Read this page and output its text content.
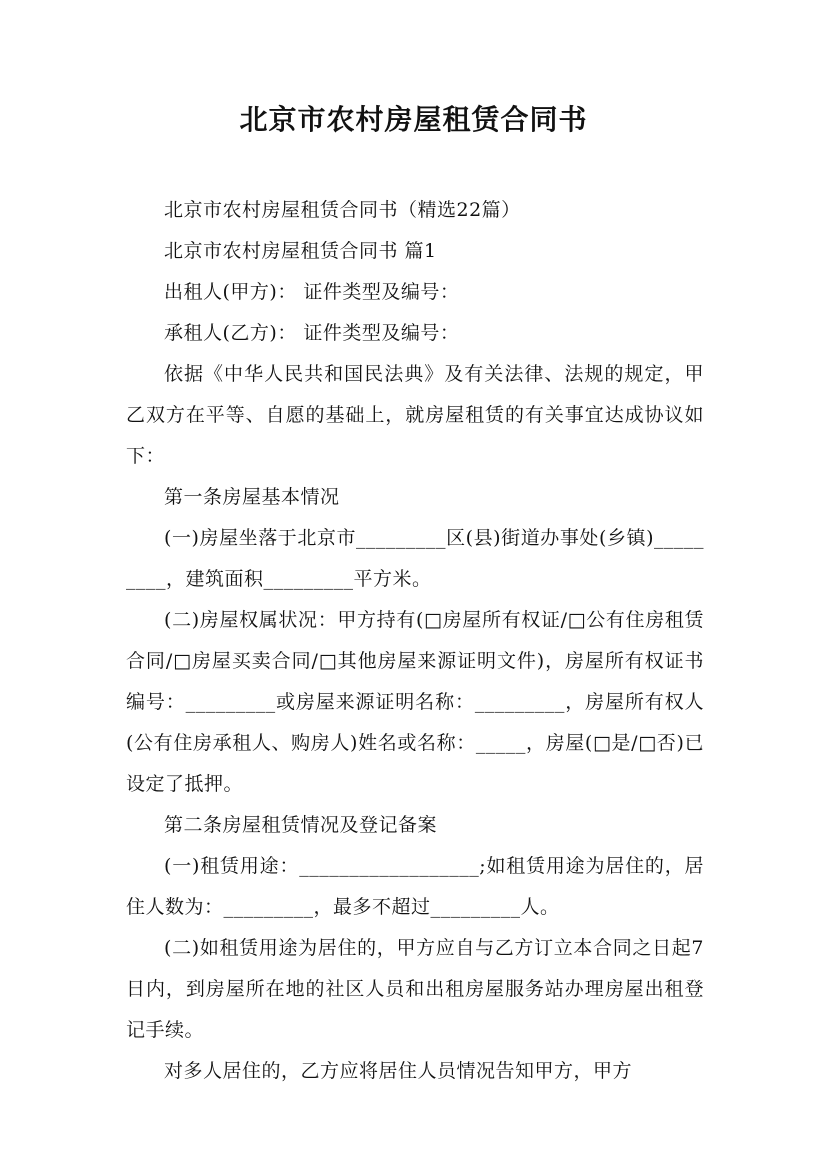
北京市农村房屋租赁合同书

北京市农村房屋租赁合同书（精选22篇）

北京市农村房屋租赁合同书 篇1

出租人(甲方)： 证件类型及编号：

承租人(乙方)： 证件类型及编号：

依据《中华人民共和国民法典》及有关法律、法规的规定，甲乙双方在平等、自愿的基础上，就房屋租赁的有关事宜达成协议如下：

第一条房屋基本情况

(一)房屋坐落于北京市_________区(县)街道办事处(乡镇)_________，建筑面积_________平方米。

(二)房屋权属状况：甲方持有(□房屋所有权证/□公有住房租赁合同/□房屋买卖合同/□其他房屋来源证明文件)，房屋所有权证书编号：_________或房屋来源证明名称：_________，房屋所有权人(公有住房承租人、购房人)姓名或名称：_____，房屋(□是/□否)已设定了抵押。

第二条房屋租赁情况及登记备案

(一)租赁用途：__________________;如租赁用途为居住的，居住人数为：_________，最多不超过_________人。

(二)如租赁用途为居住的，甲方应自与乙方订立本合同之日起7日内，到房屋所在地的社区人员和出租房屋服务站办理房屋出租登记手续。

对多人居住的，乙方应将居住人员情况告知甲方，甲方
